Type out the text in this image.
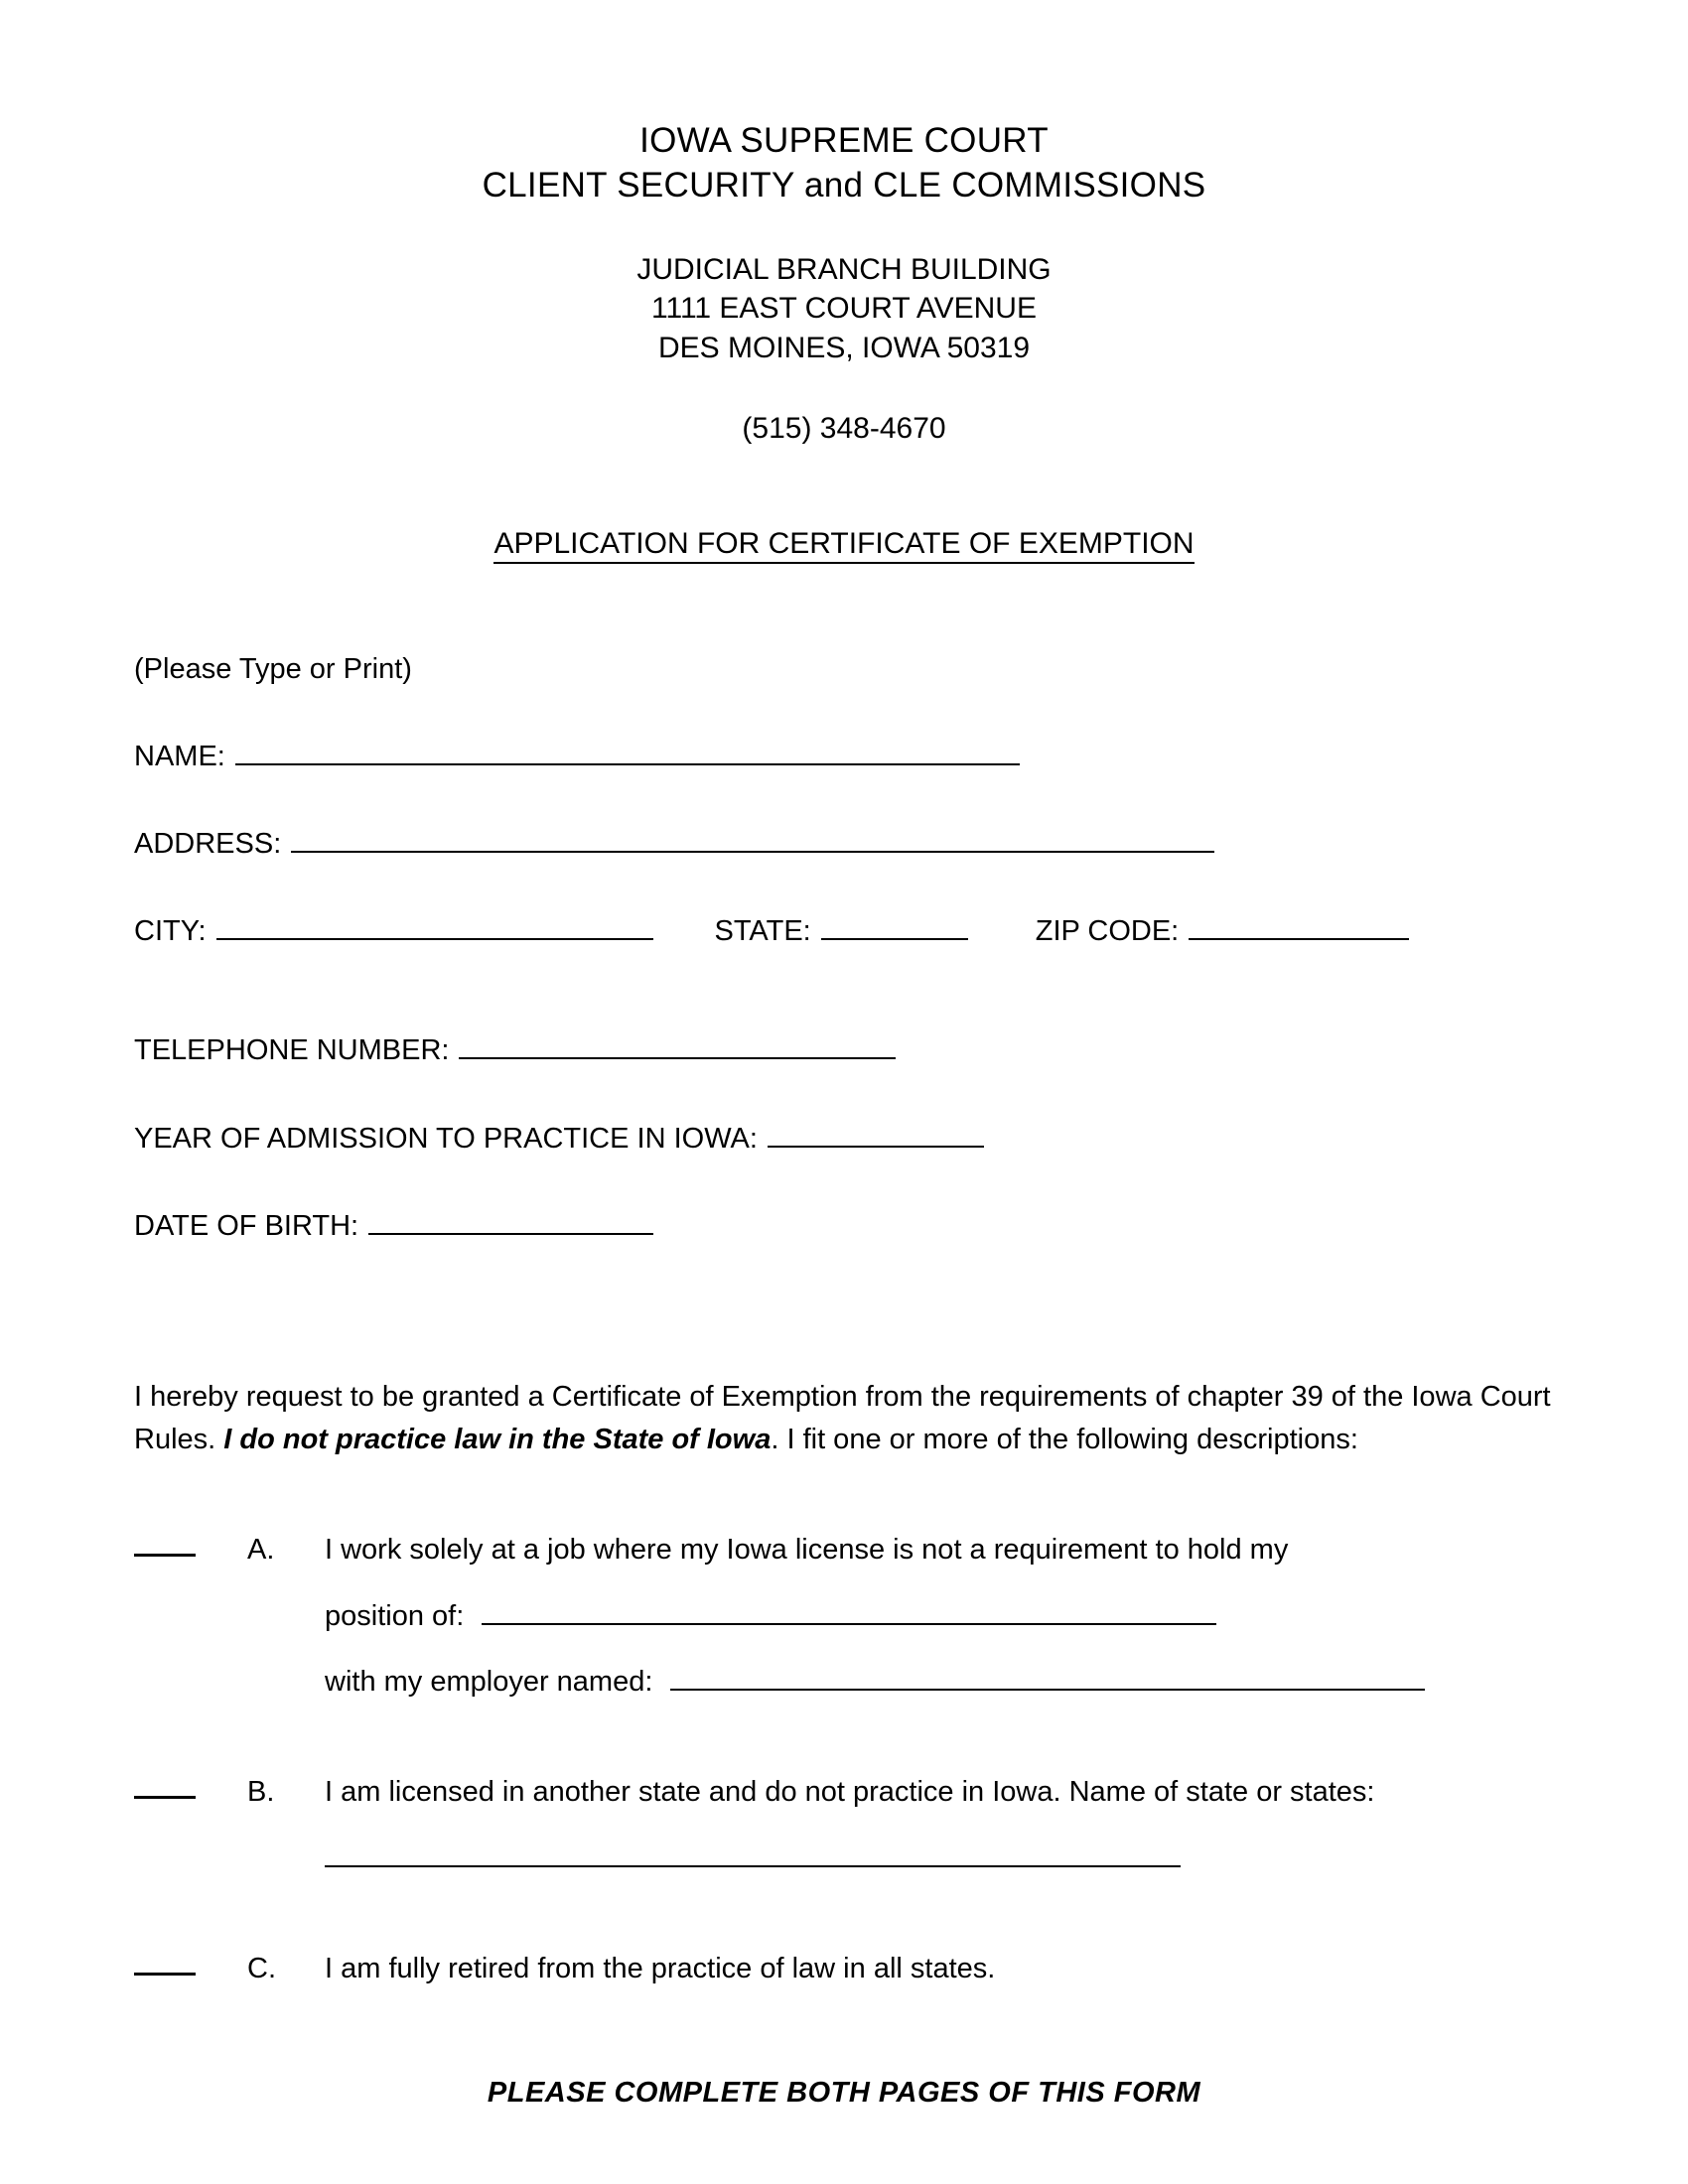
IOWA SUPREME COURT
CLIENT SECURITY and CLE COMMISSIONS
JUDICIAL BRANCH BUILDING
1111 EAST COURT AVENUE
DES MOINES, IOWA 50319
(515) 348-4670
APPLICATION FOR CERTIFICATE OF EXEMPTION
(Please Type or Print)
NAME:
ADDRESS:
CITY:	STATE:	ZIP CODE:
TELEPHONE NUMBER:
YEAR OF ADMISSION TO PRACTICE IN IOWA:
DATE OF BIRTH:
I hereby request to be granted a Certificate of Exemption from the requirements of chapter 39 of the Iowa Court Rules. I do not practice law in the State of Iowa. I fit one or more of the following descriptions:
A.	I work solely at a job where my Iowa license is not a requirement to hold my
position of:
with my employer named:
B.	I am licensed in another state and do not practice in Iowa. Name of state or states:
C.	I am fully retired from the practice of law in all states.
PLEASE COMPLETE BOTH PAGES OF THIS FORM
